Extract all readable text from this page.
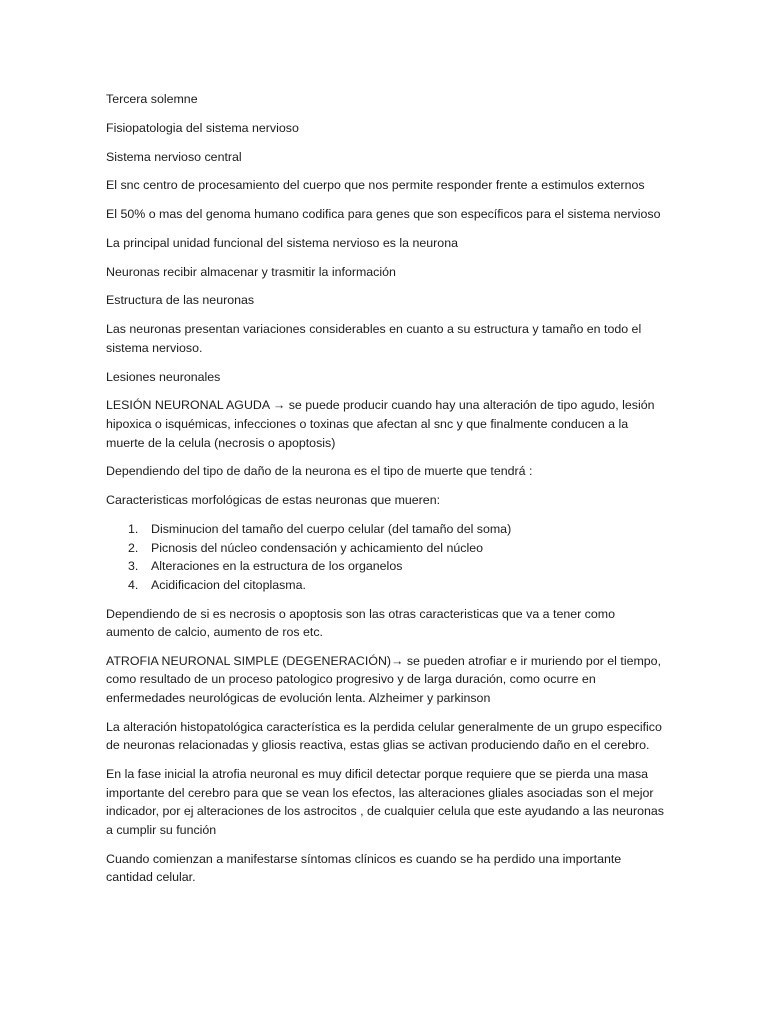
Tercera solemne

Fisiopatologia del sistema nervioso

Sistema nervioso central

El snc centro de procesamiento del cuerpo que nos permite responder frente a estimulos externos

El 50% o mas del genoma humano codifica para genes que son específicos para el sistema nervioso

La principal unidad funcional del sistema nervioso es la neurona

Neuronas recibir almacenar y trasmitir la información

Estructura de las neuronas

Las neuronas presentan variaciones considerables en cuanto a su estructura y tamaño en todo el sistema nervioso.

Lesiones neuronales

LESIÓN NEURONAL AGUDA → se puede producir cuando hay una alteración de tipo agudo, lesión hipoxica o isquémicas, infecciones o toxinas que afectan al snc y que finalmente conducen a la muerte de la celula (necrosis o apoptosis)

Dependiendo del tipo de daño de la neurona es el tipo de muerte que tendrá :

Caracteristicas morfológicas de estas neuronas que mueren:

1. Disminucion del tamaño del cuerpo celular (del tamaño del soma)
2. Picnosis del núcleo condensación y achicamiento del núcleo
3. Alteraciones en la estructura de los organelos
4. Acidificacion del citoplasma.

Dependiendo de si es necrosis o apoptosis son las otras caracteristicas que va a tener como aumento de calcio, aumento de ros etc.

ATROFIA NEURONAL SIMPLE (DEGENERACIÓN)→ se pueden atrofiar e ir muriendo por el tiempo, como resultado de un proceso patologico progresivo y de larga duración, como ocurre en enfermedades neurológicas de evolución lenta. Alzheimer y parkinson

La alteración histopatológica característica es la perdida celular generalmente de un grupo especifico de neuronas relacionadas y gliosis reactiva, estas glias se activan produciendo daño en el cerebro.

En la fase inicial la atrofia neuronal es muy dificil detectar porque requiere que se pierda una masa importante del cerebro para que se vean los efectos, las alteraciones gliales asociadas son el mejor indicador, por ej alteraciones de los astrocitos , de cualquier celula que este ayudando a las neuronas a cumplir su función

Cuando comienzan a manifestarse síntomas clínicos es cuando se ha perdido una importante cantidad celular.
